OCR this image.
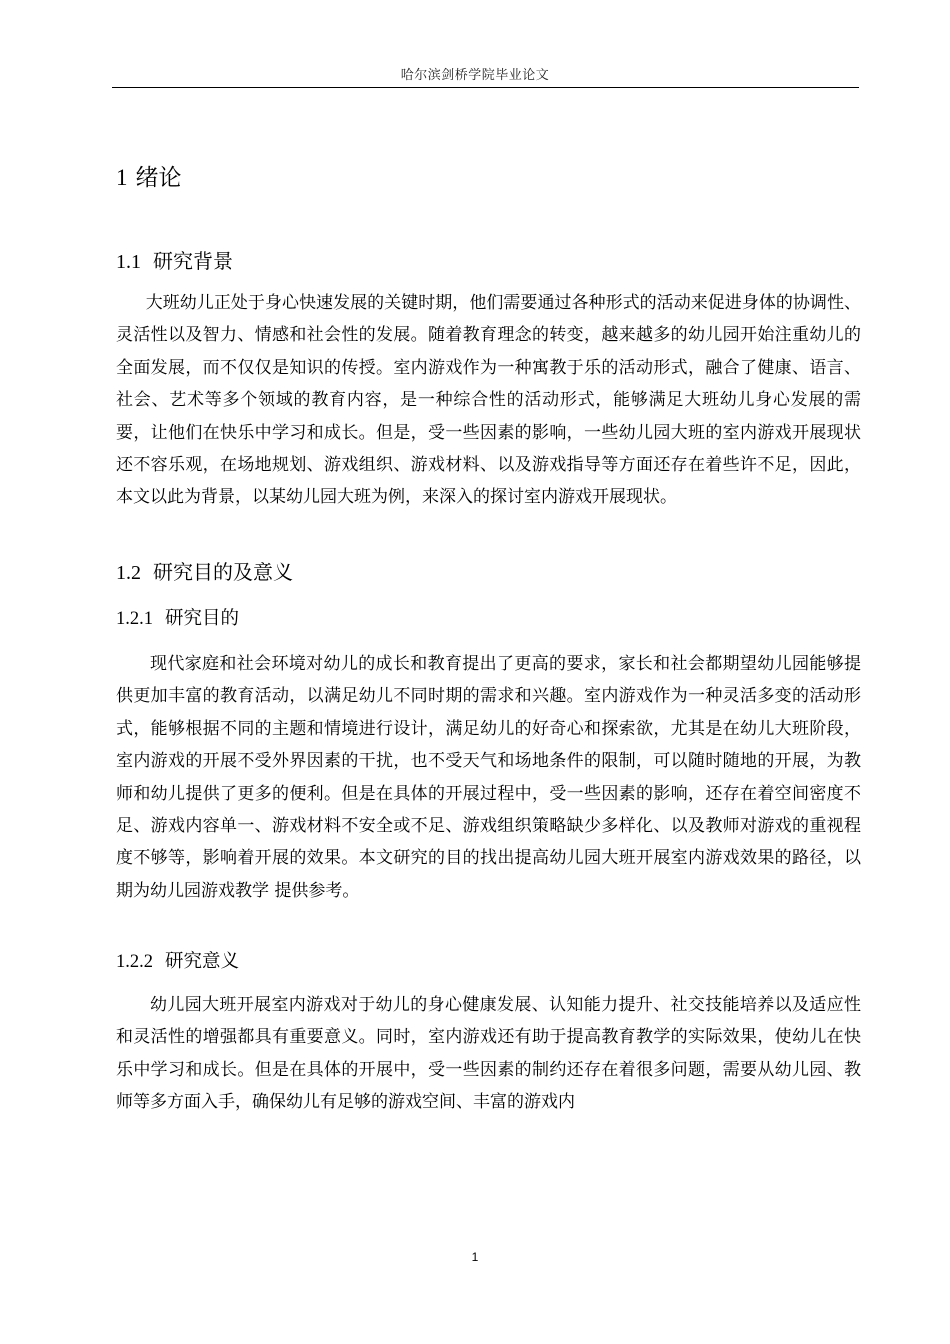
哈尔滨剑桥学院毕业论文
1 绪论
1.1 研究背景

大班幼儿正处于身心快速发展的关键时期，他们需要通过各种形式的活动来促进身体的协调性、灵活性以及智力、情感和社会性的发展。随着教育理念的转变，越来越多的幼儿园开始注重幼儿的全面发展，而不仅仅是知识的传授。室内游戏作为一种寓教于乐的活动形式，融合了健康、语言、社会、艺术等多个领域的教育内容，是一种综合性的活动形式，能够满足大班幼儿身心发展的需要，让他们在快乐中学习和成长。但是，受一些因素的影响，一些幼儿园大班的室内游戏开展现状还不容乐观，在场地规划、游戏组织、游戏材料、以及游戏指导等方面还存在着些许不足，因此，本文以此为背景，以某幼儿园大班为例，来深入的探讨室内游戏开展现状。

1.2 研究目的及意义
1.2.1 研究目的

现代家庭和社会环境对幼儿的成长和教育提出了更高的要求，家长和社会都期望幼儿园能够提供更加丰富的教育活动，以满足幼儿不同时期的需求和兴趣。室内游戏作为一种灵活多变的活动形式，能够根据不同的主题和情境进行设计，满足幼儿的好奇心和探索欲，尤其是在幼儿大班阶段，室内游戏的开展不受外界因素的干扰，也不受天气和场地条件的限制，可以随时随地的开展，为教师和幼儿提供了更多的便利。但是在具体的开展过程中，受一些因素的影响，还存在着空间密度不足、游戏内容单一、游戏材料不安全或不足、游戏组织策略缺少多样化、以及教师对游戏的重视程度不够等，影响着开展的效果。本文研究的目的找出提高幼儿园大班开展室内游戏效果的路径，以期为幼儿园游戏教学 提供参考。

1.2.2 研究意义

幼儿园大班开展室内游戏对于幼儿的身心健康发展、认知能力提升、社交技能培养以及适应性和灵活性的增强都具有重要意义。同时，室内游戏还有助于提高教育教学的实际效果，使幼儿在快乐中学习和成长。但是在具体的开展中，受一些因素的制约还存在着很多问题，需要从幼儿园、教师等多方面入手，确保幼儿有足够的游戏空间、丰富的游戏内

1
